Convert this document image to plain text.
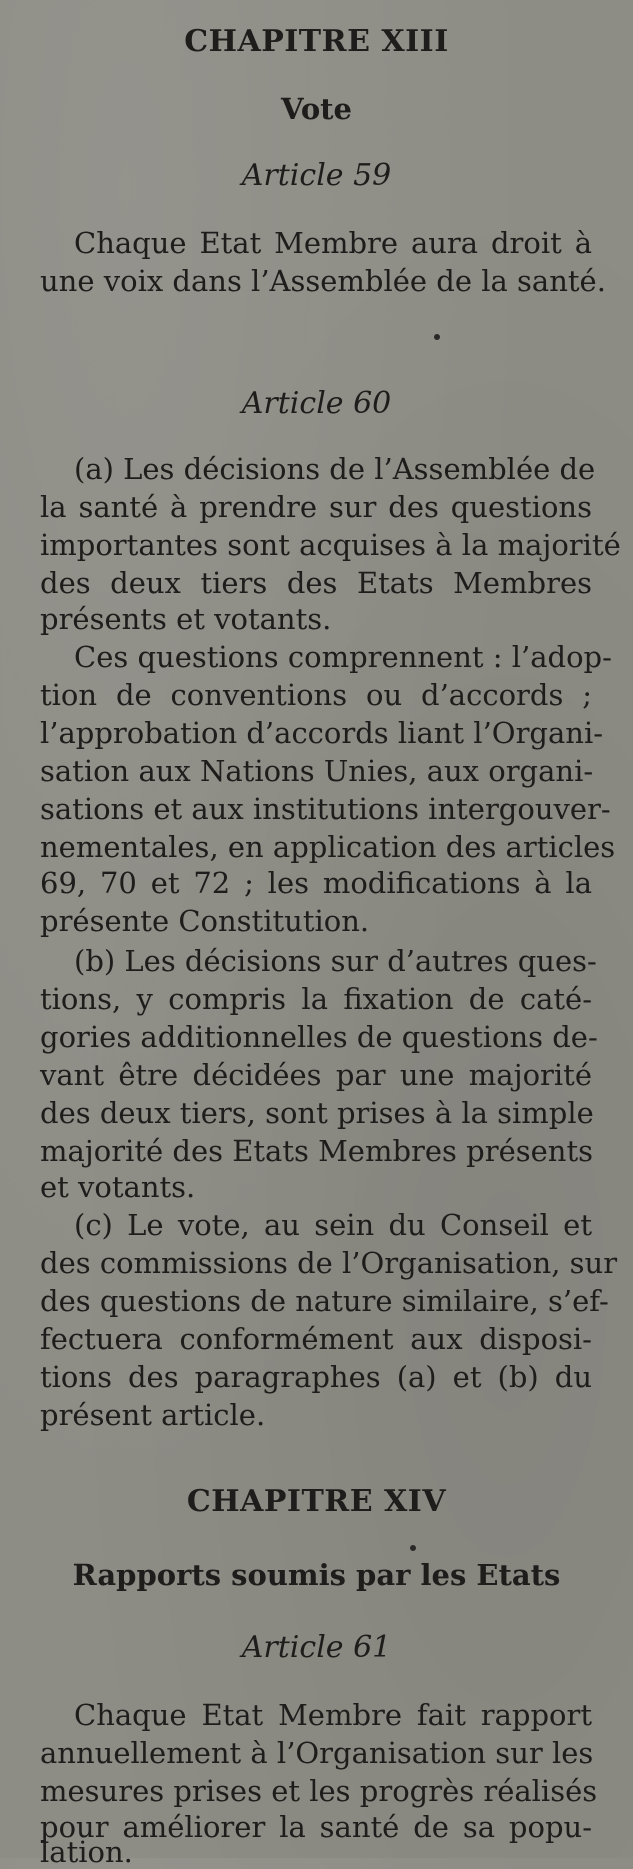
CHAPITRE XIII
Vote
Article 59
Chaque Etat Membre aura droit à
une voix dans l’Assemblée de la santé.
Article 60
(a) Les décisions de l’Assemblée de
la santé à prendre sur des questions
importantes sont acquises à la majorité
des deux tiers des Etats Membres
présents et votants.
Ces questions comprennent : l’adop-
tion de conventions ou d’accords ;
l’approbation d’accords liant l’Organi-
sation aux Nations Unies, aux organi-
sations et aux institutions intergouver-
nementales, en application des articles
69, 70 et 72 ; les modifications à la
présente Constitution.
(b) Les décisions sur d’autres ques-
tions, y compris la fixation de caté-
gories additionnelles de questions de-
vant être décidées par une majorité
des deux tiers, sont prises à la simple
majorité des Etats Membres présents
et votants.
(c) Le vote, au sein du Conseil et
des commissions de l’Organisation, sur
des questions de nature similaire, s’ef-
fectuera conformément aux disposi-
tions des paragraphes (a) et (b) du
présent article.
CHAPITRE XIV
Rapports soumis par les Etats
Article 61
Chaque Etat Membre fait rapport
annuellement à l’Organisation sur les
mesures prises et les progrès réalisés
pour améliorer la santé de sa popu-
lation.
